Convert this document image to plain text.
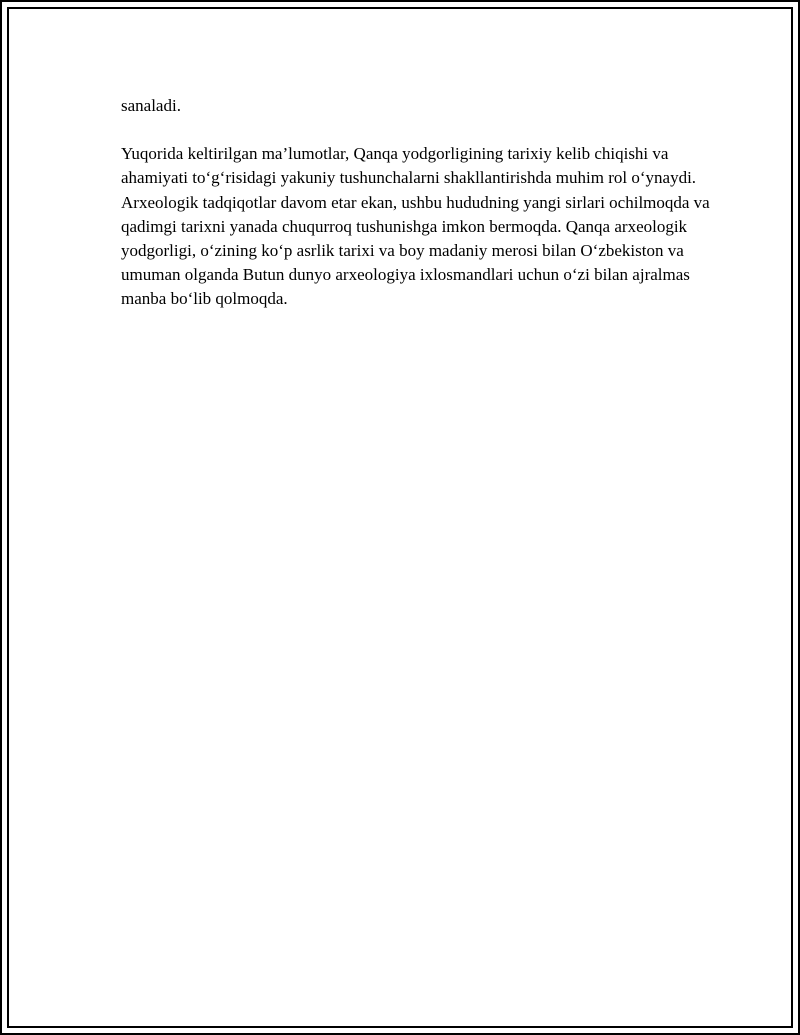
sanaladi.

Yuqorida keltirilgan ma’lumotlar, Qanqa yodgorligining tarixiy kelib chiqishi va ahamiyati to‘g‘risidagi yakuniy tushunchalarni shakllantirishda muhim rol o‘ynaydi. Arxeologik tadqiqotlar davom etar ekan, ushbu hududning yangi sirlari ochilmoqda va qadimgi tarixni yanada chuqurroq tushunishga imkon bermoqda. Qanqa arxeologik yodgorligi, o‘zining ko‘p asrlik tarixi va boy madaniy merosi bilan O‘zbekiston va umuman olganda Butun dunyo arxeologiya ixlosmandlari uchun o‘zi bilan ajralmas manba bo‘lib qolmoqda.
